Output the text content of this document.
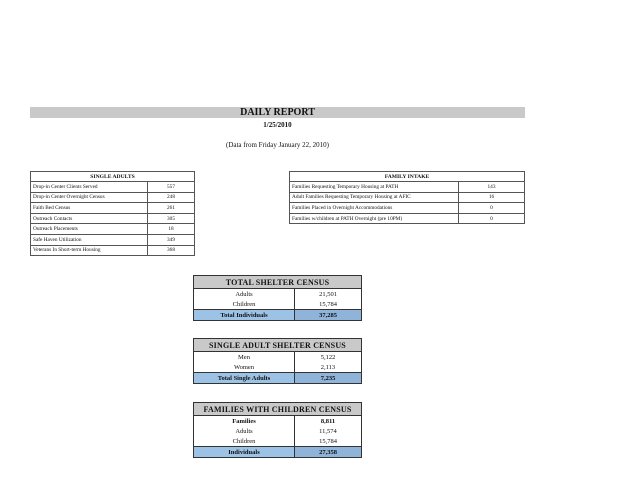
DAILY REPORT
1/25/2010
(Data from Friday January 22, 2010)
SINGLE ADULTS	
Drop-in Center Clients Served	557
Drop-in Center Overnight Census	248
Faith Bed Census	261
Outreach Contacts	305
Outreach Placements	18
Safe Haven Utilization	349
Veterans In Short-term Housing	368
FAMILY INTAKE	
Families Requesting Temporary Housing at PATH	143
Adult Families Requesting Temporary Housing at AFIC	16
Families Placed in Overnight Accommodations	0
Families w/children at PATH Overnight (pre 10PM)	0
TOTAL SHELTER CENSUS	
Adults	21,501
Children	15,784
Total Individuals	37,285
SINGLE ADULT SHELTER CENSUS	
Men	5,122
Women	2,113
Total Single Adults	7,235
FAMILIES WITH CHILDREN CENSUS	
Families	8,811
Adults	11,574
Children	15,784
Individuals	27,358
